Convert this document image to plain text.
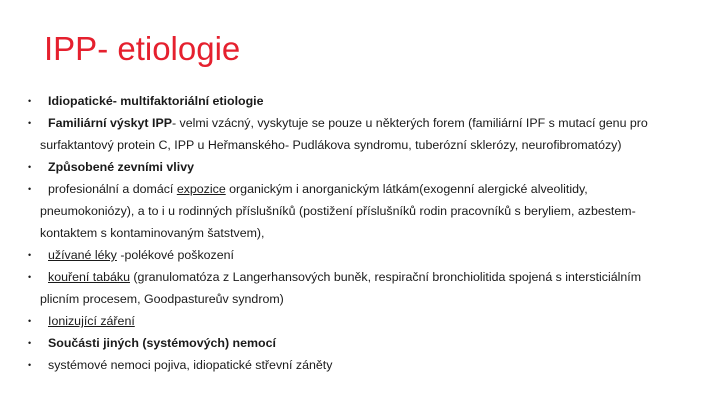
IPP- etiologie
•	Idiopatické- multifaktoriální etiologie
•	Familiární výskyt IPP- velmi vzácný, vyskytuje se pouze u některých forem (familiární IPF s mutací genu pro
surfaktantový protein C, IPP u Heřmanského- Pudlákova syndromu, tuberózní sklerózy, neurofibromatózy)
•	Způsobené zevními vlivy
•	profesionální a domácí expozice organickým i anorganickým látkám(exogenní alergické alveolitidy,
pneumokoniózy), a to i u rodinných příslušníků (postižení příslušníků rodin pracovníků s beryliem, azbestem-
kontaktem s kontaminovaným šatstvem),
•	užívané léky -polékové poškození
•	kouření tabáku (granulomatóza z Langerhansových buněk, respirační bronchiolitida spojená s intersticiálním
plicním procesem, Goodpastureův syndrom)
•	Ionizující záření
•	Součásti jiných (systémových) nemocí
•	systémové nemoci pojiva, idiopatické střevní záněty
